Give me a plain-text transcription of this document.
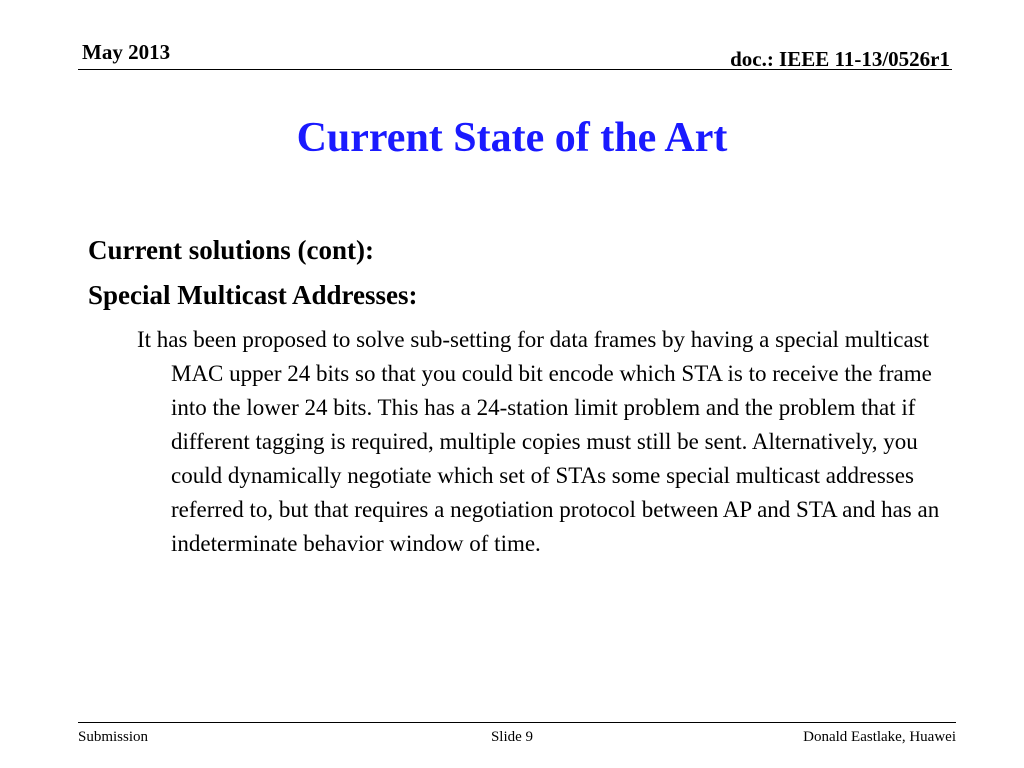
May 2013	doc.: IEEE 11-13/0526r1
Current State of the Art
Current solutions (cont):
Special Multicast Addresses:
It has been proposed to solve sub-setting for data frames by having a special multicast MAC upper 24 bits so that you could bit encode which STA is to receive the frame into the lower 24 bits. This has a 24-station limit problem and the problem that if different tagging is required, multiple copies must still be sent. Alternatively, you could dynamically negotiate which set of STAs some special multicast addresses referred to, but that requires a negotiation protocol between AP and STA and has an indeterminate behavior window of time.
Submission	Slide 9	Donald Eastlake, Huawei
